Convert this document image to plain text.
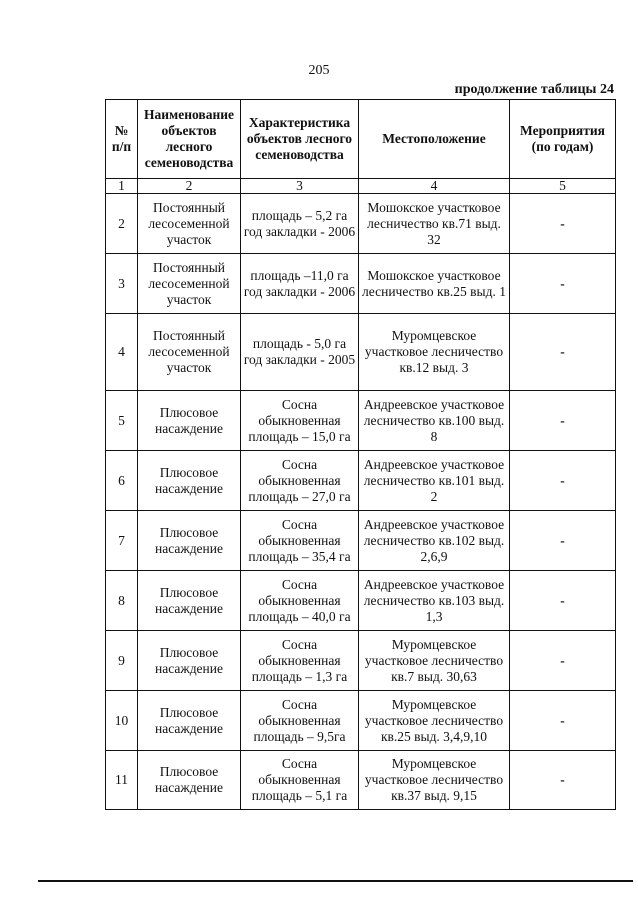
205
продолжение таблицы 24
№ п/п	Наименование объектов лесного семеноводства	Характеристика объектов лесного семеноводства	Местоположение	Мероприятия (по годам)
1	2	3	4	5
2	Постоянный лесосеменной участок	площадь – 5,2 га год закладки - 2006	Мошокское участковое лесничество кв.71 выд. 32	-
3	Постоянный лесосеменной участок	площадь –11,0 га год закладки - 2006	Мошокское участковое лесничество кв.25 выд. 1	-
4	Постоянный лесосеменной участок	площадь - 5,0 га год закладки - 2005	Муромцевское участковое лесничество кв.12 выд. 3	-
5	Плюсовое насаждение	Сосна обыкновенная площадь – 15,0 га	Андреевское участковое лесничество кв.100 выд. 8	-
6	Плюсовое насаждение	Сосна обыкновенная площадь – 27,0 га	Андреевское участковое лесничество кв.101 выд. 2	-
7	Плюсовое насаждение	Сосна обыкновенная площадь – 35,4 га	Андреевское участковое лесничество кв.102 выд. 2,6,9	-
8	Плюсовое насаждение	Сосна обыкновенная площадь – 40,0 га	Андреевское участковое лесничество кв.103 выд. 1,3	-
9	Плюсовое насаждение	Сосна обыкновенная площадь – 1,3 га	Муромцевское участковое лесничество кв.7 выд. 30,63	-
10	Плюсовое насаждение	Сосна обыкновенная площадь – 9,5га	Муромцевское участковое лесничество кв.25 выд. 3,4,9,10	-
11	Плюсовое насаждение	Сосна обыкновенная площадь – 5,1 га	Муромцевское участковое лесничество кв.37 выд. 9,15	-
